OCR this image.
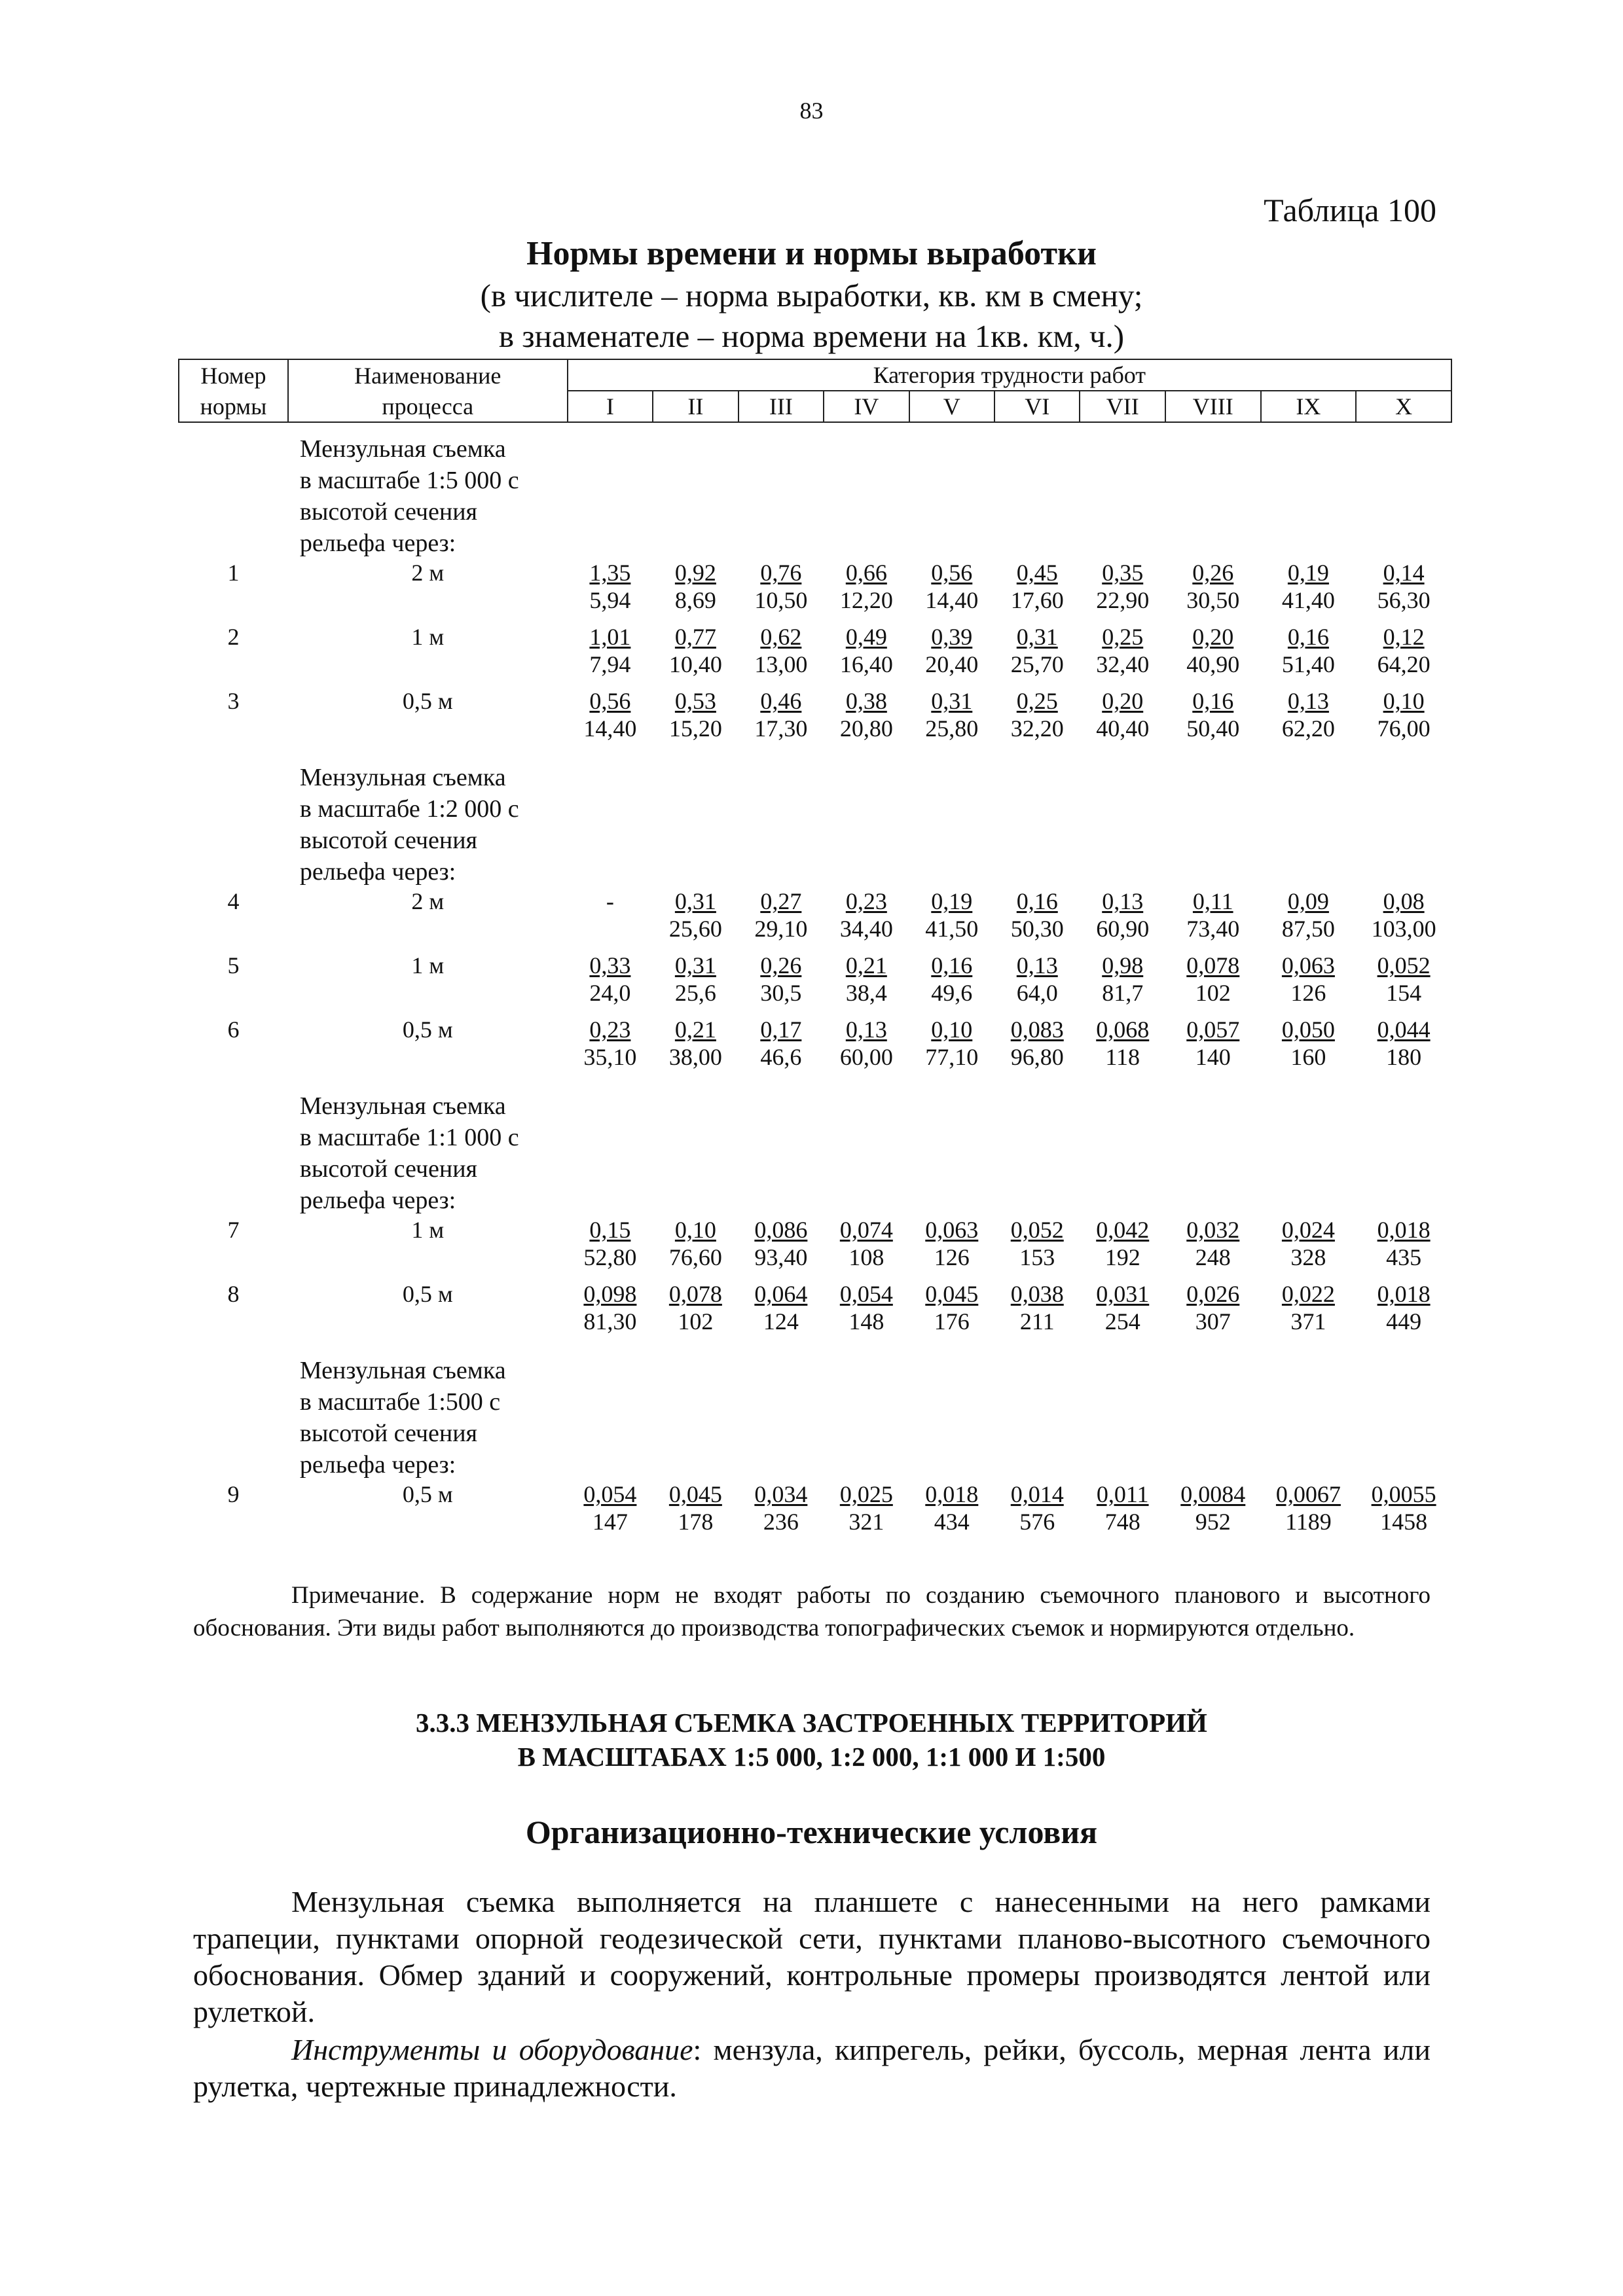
83
Таблица 100
Нормы времени и нормы выработки
(в числителе – норма выработки, кв. км в смену;
в знаменателе – норма времени на 1кв. км, ч.)
Номер	Наименование	Категория трудности работ									
нормы	процесса	I	II	III	IV	V	VI	VII	VIII	IX	X

	Мензульная съемка
в масштабе 1:5 000 с
высотой сечения
рельефа через:										

1	2 м	$\frac{1,35}{5,94}$	$\frac{0,92}{8,69}$	$\frac{0,76}{10,50}$	$\frac{0,66}{12,20}$	$\frac{0,56}{14,40}$	$\frac{0,45}{17,60}$	$\frac{0,35}{22,90}$	$\frac{0,26}{30,50}$	$\frac{0,19}{41,40}$	$\frac{0,14}{56,30}$

2	1 м	$\frac{1,01}{7,94}$	$\frac{0,77}{10,40}$	$\frac{0,62}{13,00}$	$\frac{0,49}{16,40}$	$\frac{0,39}{20,40}$	$\frac{0,31}{25,70}$	$\frac{0,25}{32,40}$	$\frac{0,20}{40,90}$	$\frac{0,16}{51,40}$	$\frac{0,12}{64,20}$

3	0,5 м	$\frac{0,56}{14,40}$	$\frac{0,53}{15,20}$	$\frac{0,46}{17,30}$	$\frac{0,38}{20,80}$	$\frac{0,31}{25,80}$	$\frac{0,25}{32,20}$	$\frac{0,20}{40,40}$	$\frac{0,16}{50,40}$	$\frac{0,13}{62,20}$	$\frac{0,10}{76,00}$

	Мензульная съемка
в масштабе 1:2 000 с
высотой сечения
рельефа через:										

4	2 м	-	$\frac{0,31}{25,60}$	$\frac{0,27}{29,10}$	$\frac{0,23}{34,40}$	$\frac{0,19}{41,50}$	$\frac{0,16}{50,30}$	$\frac{0,13}{60,90}$	$\frac{0,11}{73,40}$	$\frac{0,09}{87,50}$	$\frac{0,08}{103,00}$

5	1 м	$\frac{0,33}{24,0}$	$\frac{0,31}{25,6}$	$\frac{0,26}{30,5}$	$\frac{0,21}{38,4}$	$\frac{0,16}{49,6}$	$\frac{0,13}{64,0}$	$\frac{0,98}{81,7}$	$\frac{0,078}{102}$	$\frac{0,063}{126}$	$\frac{0,052}{154}$

6	0,5 м	$\frac{0,23}{35,10}$	$\frac{0,21}{38,00}$	$\frac{0,17}{46,6}$	$\frac{0,13}{60,00}$	$\frac{0,10}{77,10}$	$\frac{0,083}{96,80}$	$\frac{0,068}{118}$	$\frac{0,057}{140}$	$\frac{0,050}{160}$	$\frac{0,044}{180}$

	Мензульная съемка
в масштабе 1:1 000 с
высотой сечения
рельефа через:										

7	1 м	$\frac{0,15}{52,80}$	$\frac{0,10}{76,60}$	$\frac{0,086}{93,40}$	$\frac{0,074}{108}$	$\frac{0,063}{126}$	$\frac{0,052}{153}$	$\frac{0,042}{192}$	$\frac{0,032}{248}$	$\frac{0,024}{328}$	$\frac{0,018}{435}$

8	0,5 м	$\frac{0,098}{81,30}$	$\frac{0,078}{102}$	$\frac{0,064}{124}$	$\frac{0,054}{148}$	$\frac{0,045}{176}$	$\frac{0,038}{211}$	$\frac{0,031}{254}$	$\frac{0,026}{307}$	$\frac{0,022}{371}$	$\frac{0,018}{449}$

	Мензульная съемка
в масштабе 1:500 с
высотой сечения
рельефа через:										

9	0,5 м	$\frac{0,054}{147}$	$\frac{0,045}{178}$	$\frac{0,034}{236}$	$\frac{0,025}{321}$	$\frac{0,018}{434}$	$\frac{0,014}{576}$	$\frac{0,011}{748}$	$\frac{0,0084}{952}$	$\frac{0,0067}{1189}$	$\frac{0,0055}{1458}$
Примечание. В содержание норм не входят работы по созданию съемочного планового и высотного обоснования. Эти виды работ выполняются до производства топографических съемок и нормируются отдельно.
3.3.3 МЕНЗУЛЬНАЯ СЪЕМКА ЗАСТРОЕННЫХ ТЕРРИТОРИЙ
В МАСШТАБАХ 1:5 000, 1:2 000, 1:1 000 И 1:500
Организационно-технические условия
Мензульная съемка выполняется на планшете с нанесенными на него рамками трапеции, пунктами опорной геодезической сети, пунктами планово-высотного съемочного обоснования. Обмер зданий и сооружений, контрольные промеры производятся лентой или рулеткой.
Инструменты и оборудование: мензула, кипрегель, рейки, буссоль, мерная лента или рулетка, чертежные принадлежности.
